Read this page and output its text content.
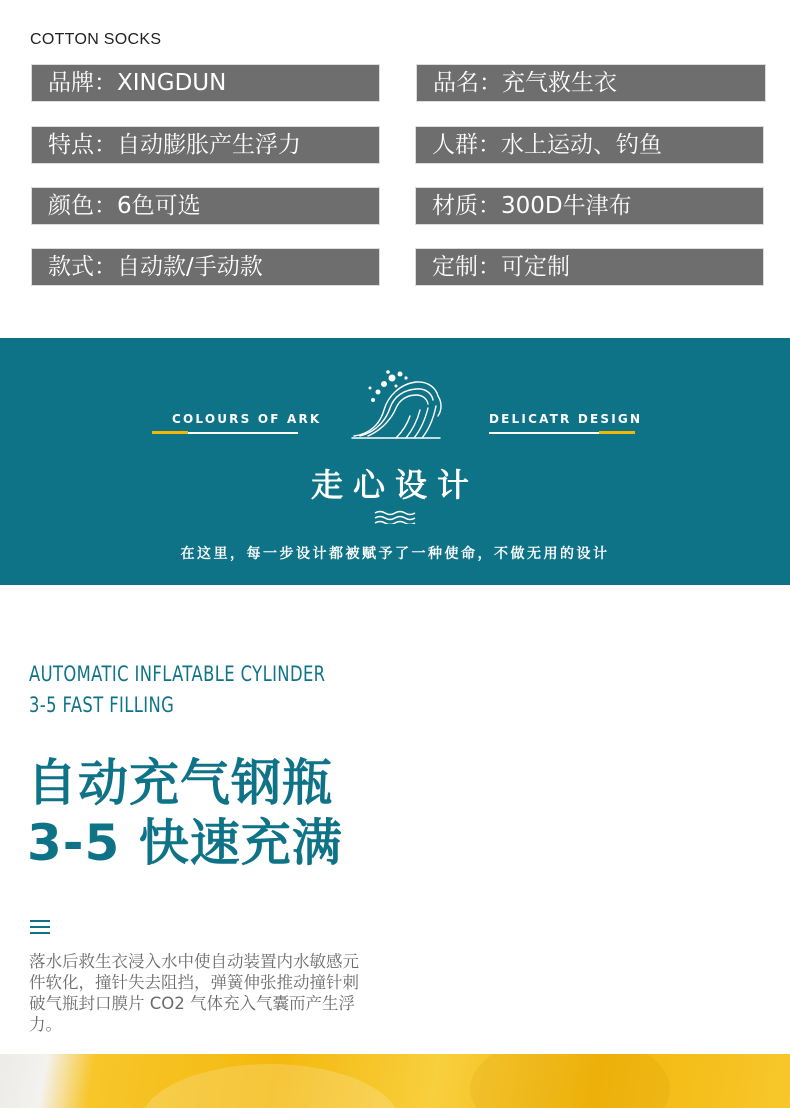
COTTON SOCKS
品牌：XINGDUN	品名：充气救生衣
特点：自动膨胀产生浮力	人群：水上运动、钓鱼
颜色：6色可选	材质：300D牛津布
款式：自动款/手动款	定制：可定制
COLOURS OF ARK	DELICATR DESIGN
走心设计
在这里，每一步设计都被赋予了一种使命，不做无用的设计
AUTOMATIC INFLATABLE CYLINDER
3-5 FAST FILLING
自动充气钢瓶
3-5 快速充满
落水后救生衣浸入水中使自动装置内水敏感元件软化，撞针失去阻挡，弹簧伸张推动撞针刺破气瓶封口膜片 CO2 气体充入气囊而产生浮力。
